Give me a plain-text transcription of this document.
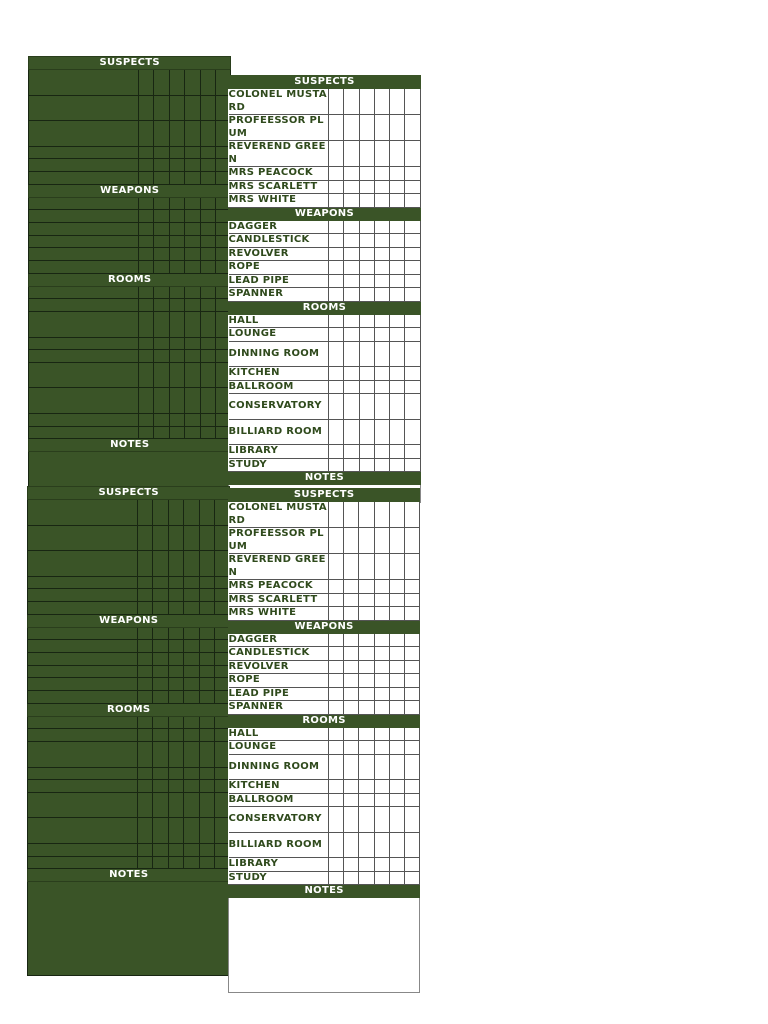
SUSPECTS						

WEAPONS						

ROOMS						

NOTES						

SUSPECTS						
COLONEL MUSTARD						
PROFEESSOR PLUM						
REVEREND GREEN						
MRS PEACOCK						
MRS SCARLETT						
MRS WHITE						
WEAPONS						
DAGGER						
CANDLESTICK						
REVOLVER						
ROPE						
LEAD PIPE						
SPANNER						
ROOMS						
HALL						
LOUNGE						
DINNING ROOM						
KITCHEN						
BALLROOM						
CONSERVATORY						
BILLIARD ROOM						
LIBRARY						
STUDY						
NOTES						

SUSPECTS						

WEAPONS						

ROOMS						

NOTES						

SUSPECTS						
COLONEL MUSTARD						
PROFEESSOR PLUM						
REVEREND GREEN						
MRS PEACOCK						
MRS SCARLETT						
MRS WHITE						
WEAPONS						
DAGGER						
CANDLESTICK						
REVOLVER						
ROPE						
LEAD PIPE						
SPANNER						
ROOMS						
HALL						
LOUNGE						
DINNING ROOM						
KITCHEN						
BALLROOM						
CONSERVATORY						
BILLIARD ROOM						
LIBRARY						
STUDY						
NOTES						
